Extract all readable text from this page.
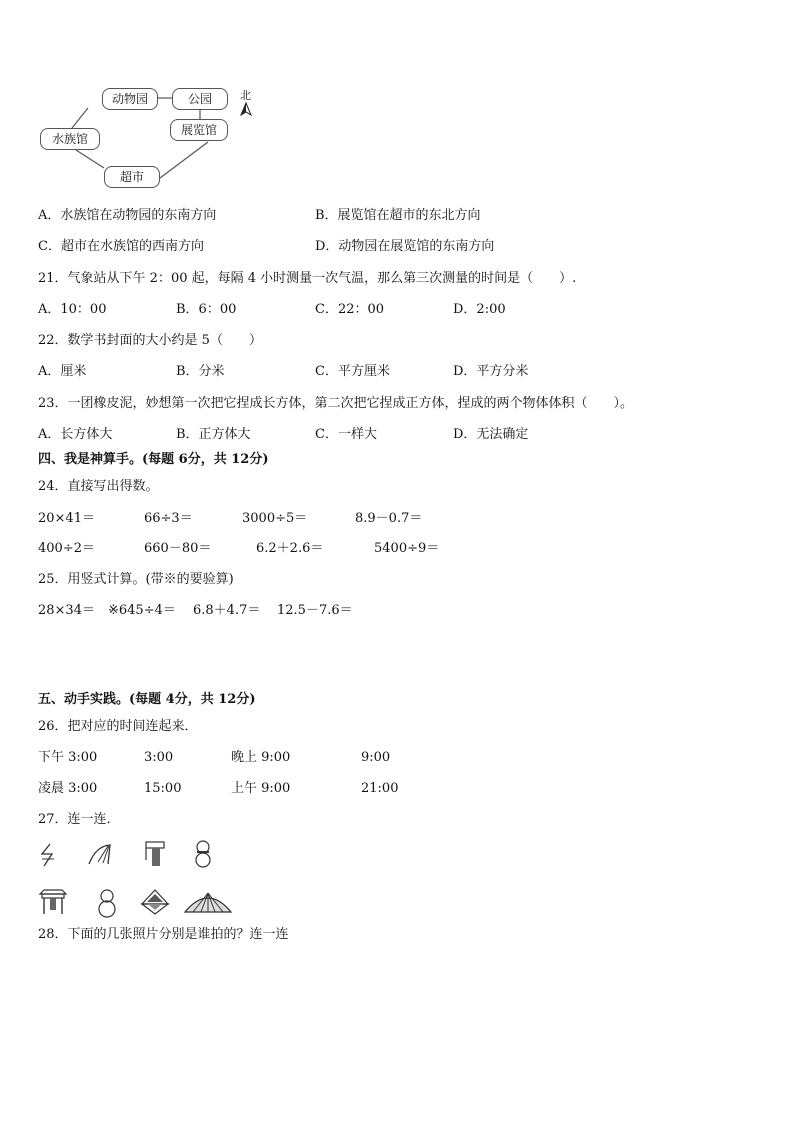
动物园	公园
展览馆
水族馆
超市
北
A．水族馆在动物园的东南方向	B．展览馆在超市的东北方向
C．超市在水族馆的西南方向	D．动物园在展览馆的东南方向
21．气象站从下午 2：00 起，每隔 4 小时测量一次气温，那么第三次测量的时间是（　　）.
A．10：00	B．6：00	C．22：00	D．2:00
22．数学书封面的大小约是 5（　　）
A．厘米	B．分米	C．平方厘米	D．平方分米
23．一团橡皮泥，妙想第一次把它捏成长方体，第二次把它捏成正方体，捏成的两个物体体积（　　）。
A．长方体大	B．正方体大	C．一样大	D．无法确定
四、我是神算手。(每题 6分，共 12分)
24．直接写出得数。
20×41＝	66÷3＝	3000÷5＝	8.9－0.7＝
400÷2＝	660－80＝	6.2＋2.6＝	5400÷9＝
25．用竖式计算。(带※的要验算)
28×34＝ ※645÷4＝ 6.8＋4.7＝ 12.5－7.6＝
五、动手实践。(每题 4分，共 12分)
26．把对应的时间连起来．
下午 3:00	3:00	晚上 9:00	9:00
凌晨 3:00	15:00	上午 9:00	21:00
27．连一连．
28．下面的几张照片分别是谁拍的？连一连
